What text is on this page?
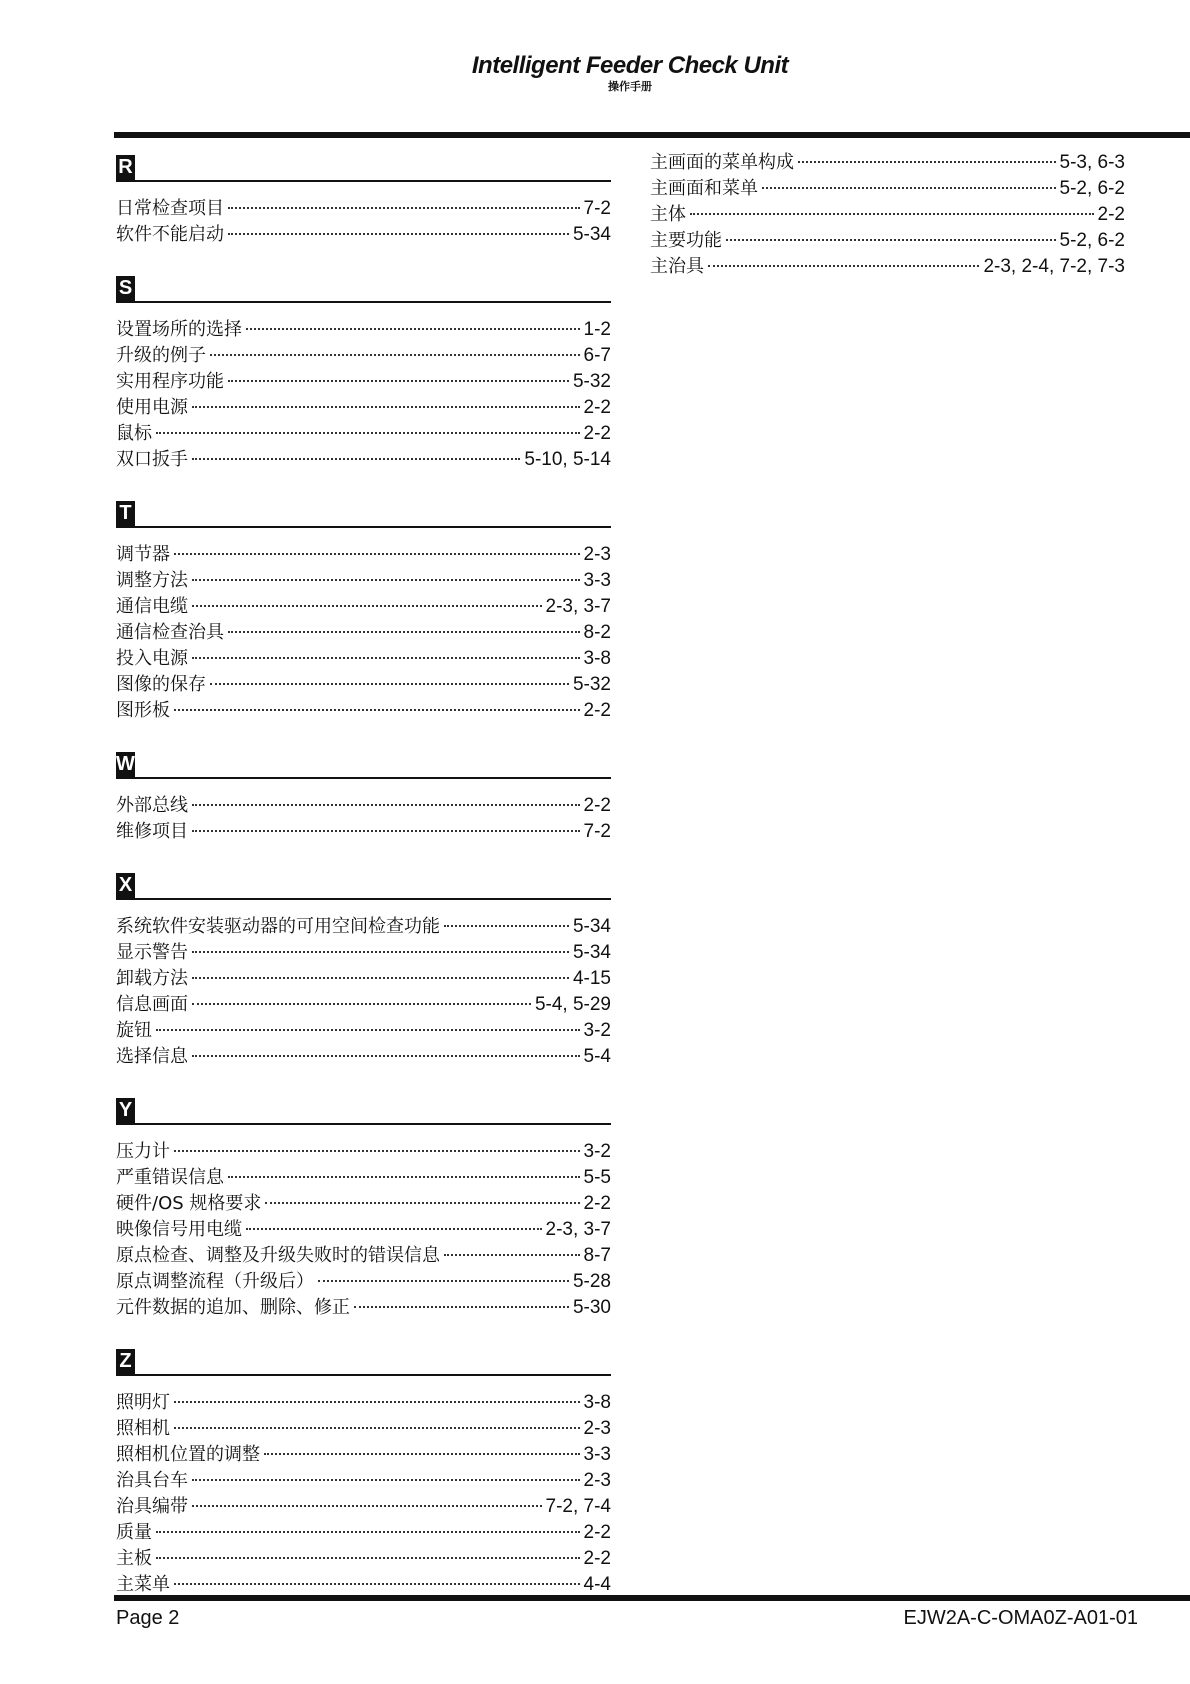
Intelligent Feeder Check Unit
操作手册
R
日常检查项目	7-2
软件不能启动	5-34
S
设置场所的选择	1-2
升级的例子	6-7
实用程序功能	5-32
使用电源	2-2
鼠标	2-2
双口扳手	5-10, 5-14
T
调节器	2-3
调整方法	3-3
通信电缆	2-3, 3-7
通信检查治具	8-2
投入电源	3-8
图像的保存	5-32
图形板	2-2
W
外部总线	2-2
维修项目	7-2
X
系统软件安装驱动器的可用空间检查功能	5-34
显示警告	5-34
卸载方法	4-15
信息画面	5-4, 5-29
旋钮	3-2
选择信息	5-4
Y
压力计	3-2
严重错误信息	5-5
硬件/OS 规格要求	2-2
映像信号用电缆	2-3, 3-7
原点检查、调整及升级失败时的错误信息	8-7
原点调整流程（升级后）	5-28
元件数据的追加、删除、修正	5-30
Z
照明灯	3-8
照相机	2-3
照相机位置的调整	3-3
治具台车	2-3
治具编带	7-2, 7-4
质量	2-2
主板	2-2
主菜单	4-4
主画面的菜单构成	5-3, 6-3
主画面和菜单	5-2, 6-2
主体	2-2
主要功能	5-2, 6-2
主治具	2-3, 2-4, 7-2, 7-3
Page 2	EJW2A-C-OMA0Z-A01-01
